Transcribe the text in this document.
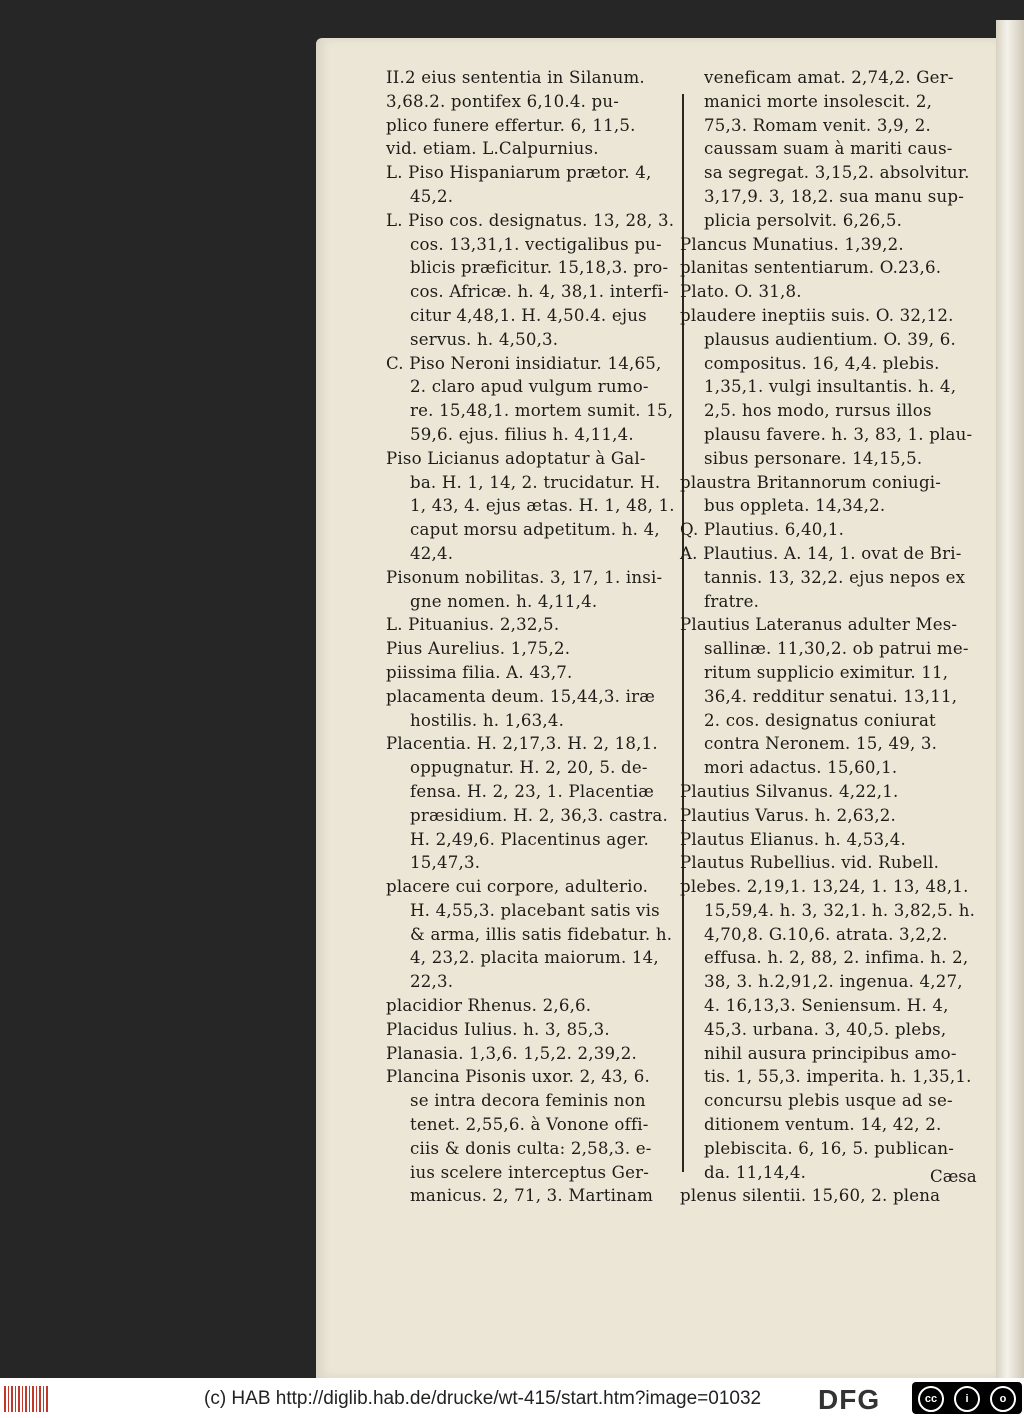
II.2 eius sententia in Silanum.
3,68.2. pontifex 6,10.4. pu-
plico funere effertur. 6, 11,5.
vid. etiam. L.Calpurnius.
L. Piso Hispaniarum prætor. 4,
45,2.
L. Piso cos. designatus. 13, 28, 3.
cos. 13,31,1. vectigalibus pu-
blicis præficitur. 15,18,3. pro-
cos. Africæ. h. 4, 38,1. interfi-
citur 4,48,1. H. 4,50.4. ejus
servus. h. 4,50,3.
C. Piso Neroni insidiatur. 14,65,
2. claro apud vulgum rumo-
re. 15,48,1. mortem sumit. 15,
59,6. ejus. filius h. 4,11,4.
Piso Licianus adoptatur à Gal-
ba. H. 1, 14, 2. trucidatur. H.
1, 43, 4. ejus ætas. H. 1, 48, 1.
caput morsu adpetitum. h. 4,
42,4.
Pisonum nobilitas. 3, 17, 1. insi-
gne nomen. h. 4,11,4.
L. Pituanius. 2,32,5.
Pius Aurelius. 1,75,2.
piissima filia. A. 43,7.
placamenta deum. 15,44,3. iræ
hostilis. h. 1,63,4.
Placentia. H. 2,17,3. H. 2, 18,1.
oppugnatur. H. 2, 20, 5. de-
fensa. H. 2, 23, 1. Placentiæ
præsidium. H. 2, 36,3. castra.
H. 2,49,6. Placentinus ager.
15,47,3.
placere cui corpore, adulterio.
H. 4,55,3. placebant satis vis
& arma, illis satis fidebatur. h.
4, 23,2. placita maiorum. 14,
22,3.
placidior Rhenus. 2,6,6.
Placidus Iulius. h. 3, 85,3.
Planasia. 1,3,6. 1,5,2. 2,39,2.
Plancina Pisonis uxor. 2, 43, 6.
se intra decora feminis non
tenet. 2,55,6. à Vonone offi-
ciis & donis culta: 2,58,3. e-
ius scelere interceptus Ger-
manicus. 2, 71, 3. Martinam
veneficam amat. 2,74,2. Ger-
manici morte insolescit. 2,
75,3. Romam venit. 3,9, 2.
caussam suam à mariti caus-
sa segregat. 3,15,2. absolvitur.
3,17,9. 3, 18,2. sua manu sup-
plicia persolvit. 6,26,5.
Plancus Munatius. 1,39,2.
planitas sententiarum. O.23,6.
Plato. O. 31,8.
plaudere ineptiis suis. O. 32,12.
plausus audientium. O. 39, 6.
compositus. 16, 4,4. plebis.
1,35,1. vulgi insultantis. h. 4,
2,5. hos modo, rursus illos
plausu favere. h. 3, 83, 1. plau-
sibus personare. 14,15,5.
plaustra Britannorum coniugi-
bus oppleta. 14,34,2.
Q. Plautius. 6,40,1.
A. Plautius. A. 14, 1. ovat de Bri-
tannis. 13, 32,2. ejus nepos ex
fratre.
Plautius Lateranus adulter Mes-
sallinæ. 11,30,2. ob patrui me-
ritum supplicio eximitur. 11,
36,4. redditur senatui. 13,11,
2. cos. designatus coniurat
contra Neronem. 15, 49, 3.
mori adactus. 15,60,1.
Plautius Silvanus. 4,22,1.
Plautius Varus. h. 2,63,2.
Plautus Elianus. h. 4,53,4.
Plautus Rubellius. vid. Rubell.
plebes. 2,19,1. 13,24, 1. 13, 48,1.
15,59,4. h. 3, 32,1. h. 3,82,5. h.
4,70,8. G.10,6. atrata. 3,2,2.
effusa. h. 2, 88, 2. infima. h. 2,
38, 3. h.2,91,2. ingenua. 4,27,
4. 16,13,3. Seniensum. H. 4,
45,3. urbana. 3, 40,5. plebs,
nihil ausura principibus amo-
tis. 1, 55,3. imperita. h. 1,35,1.
concursu plebis usque ad se-
ditionem ventum. 14, 42, 2.
plebiscita. 6, 16, 5. publican-
da. 11,14,4.
plenus silentii. 15,60, 2. plena
Cæsa
(c) HAB http://diglib.hab.de/drucke/wt-415/start.htm?image=01032 DFG	cc	i	o
